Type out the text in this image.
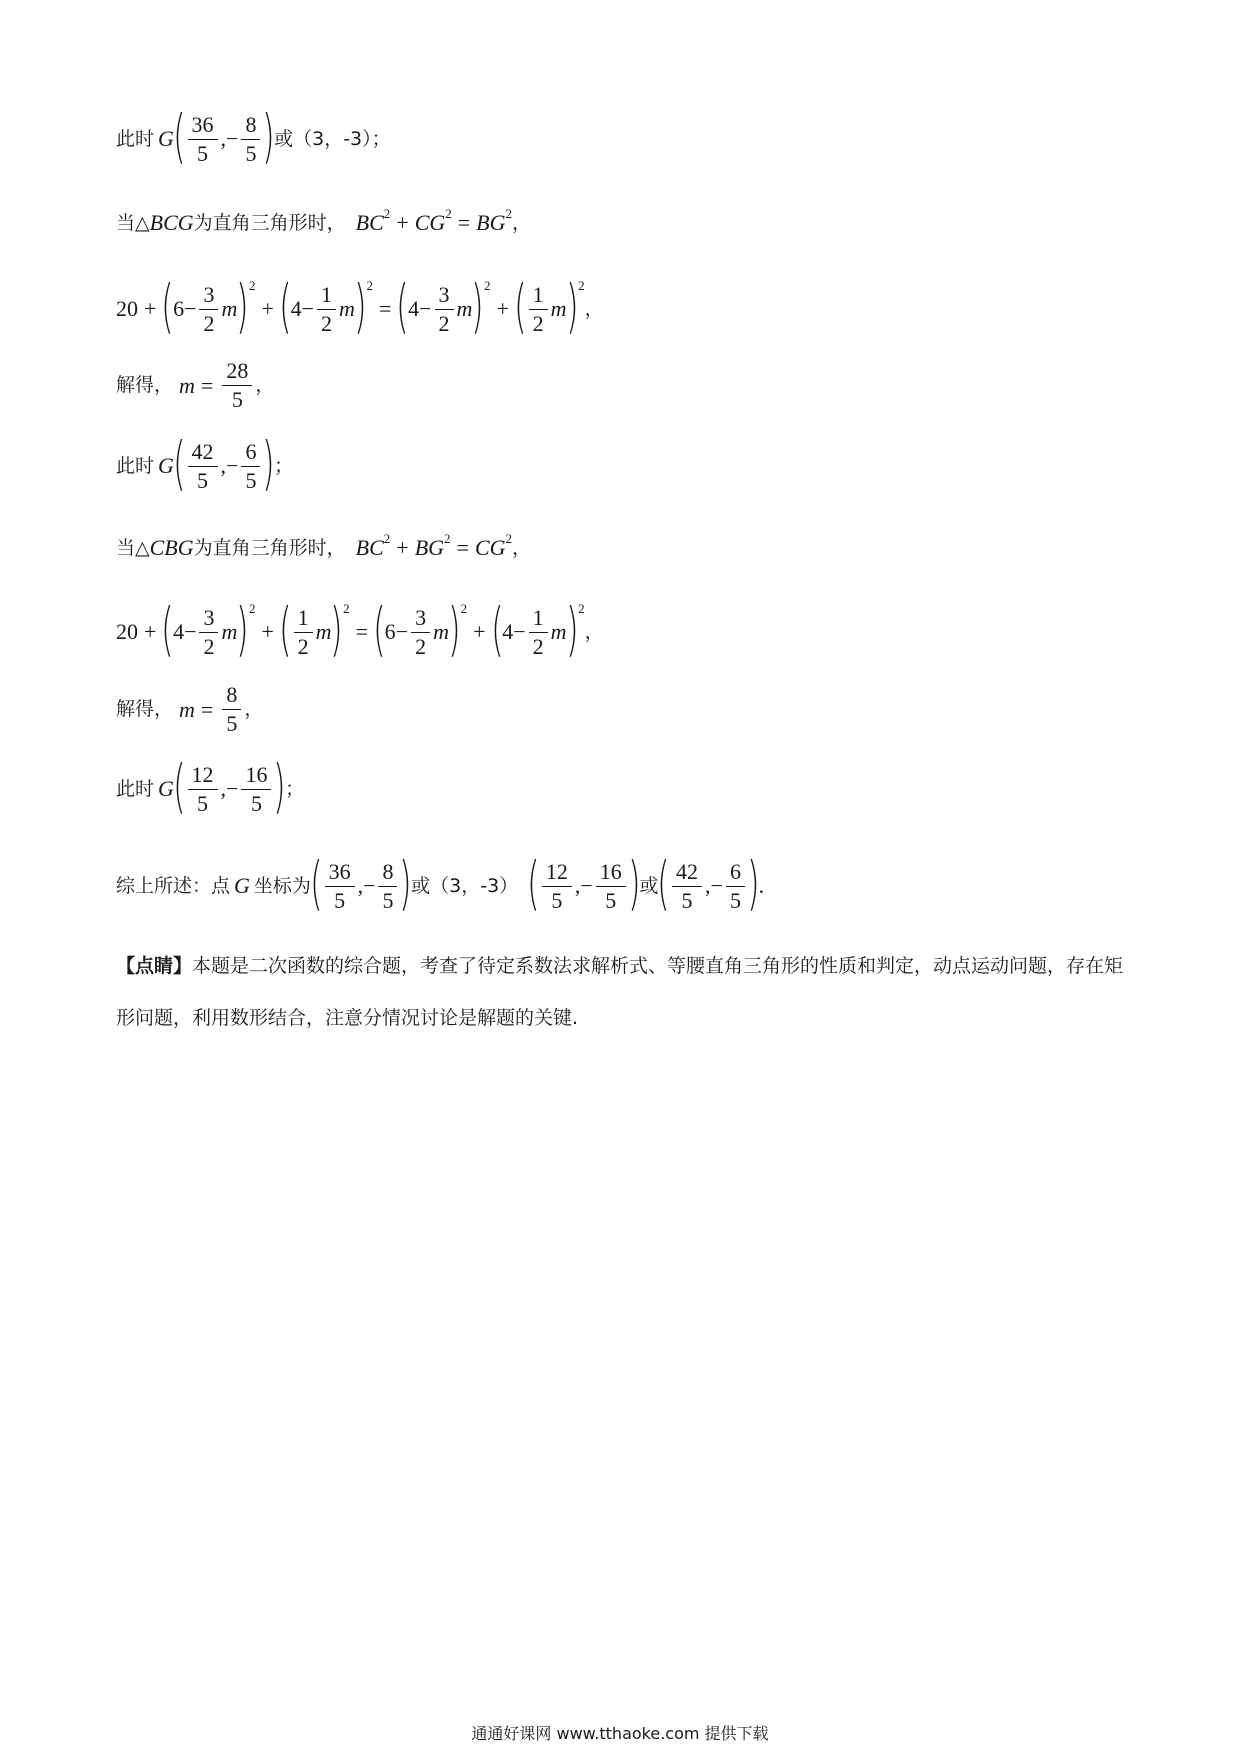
此时 G ( $\frac{36}{5}$ ,− $\frac{8}{5}$ ) 或（3，-3）；
当△ BCG 为直角三角形时， BC 2 + CG 2 = BG 2 ，
20 + ( $6 - \frac{3}{2}$ m ) 2
+ ( $4 - \frac{1}{2}$ m ) 2
= ( $4 - \frac{3}{2}$ m ) 2
+ ( $\frac{1}{2}$ m ) 2
，
解得， $m = \frac{28}{5}$ ，
此时 G ( $\frac{42}{5}$ ,− $\frac{6}{5}$ ) ；
当△ CBG 为直角三角形时， BC 2 + BG 2 = CG 2 ，
20 + ( $4 - \frac{3}{2}$ m ) 2
+ ( $\frac{1}{2}$ m ) 2
= ( $6 - \frac{3}{2}$ m ) 2
+ ( $4 - \frac{1}{2}$ m ) 2
，
解得， $m = \frac{8}{5}$ ，
此时 G ( $\frac{12}{5}$ ,− $\frac{16}{5}$ ) ；
综上所述：点 G 坐标为 ( $\frac{36}{5}$ ,− $\frac{8}{5}$ ) 或（3，-3） ( $\frac{12}{5}$ ,− $\frac{16}{5}$ ) 或 ( $\frac{42}{5}$ ,− $\frac{6}{5}$ ) .
【点睛】本题是二次函数的综合题，考查了待定系数法求解析式、等腰直角三角形的性质和判定，动点运动问题，存在矩形问题，利用数形结合，注意分情况讨论是解题的关键.
通通好课网 www.tthaoke.com 提供下载
